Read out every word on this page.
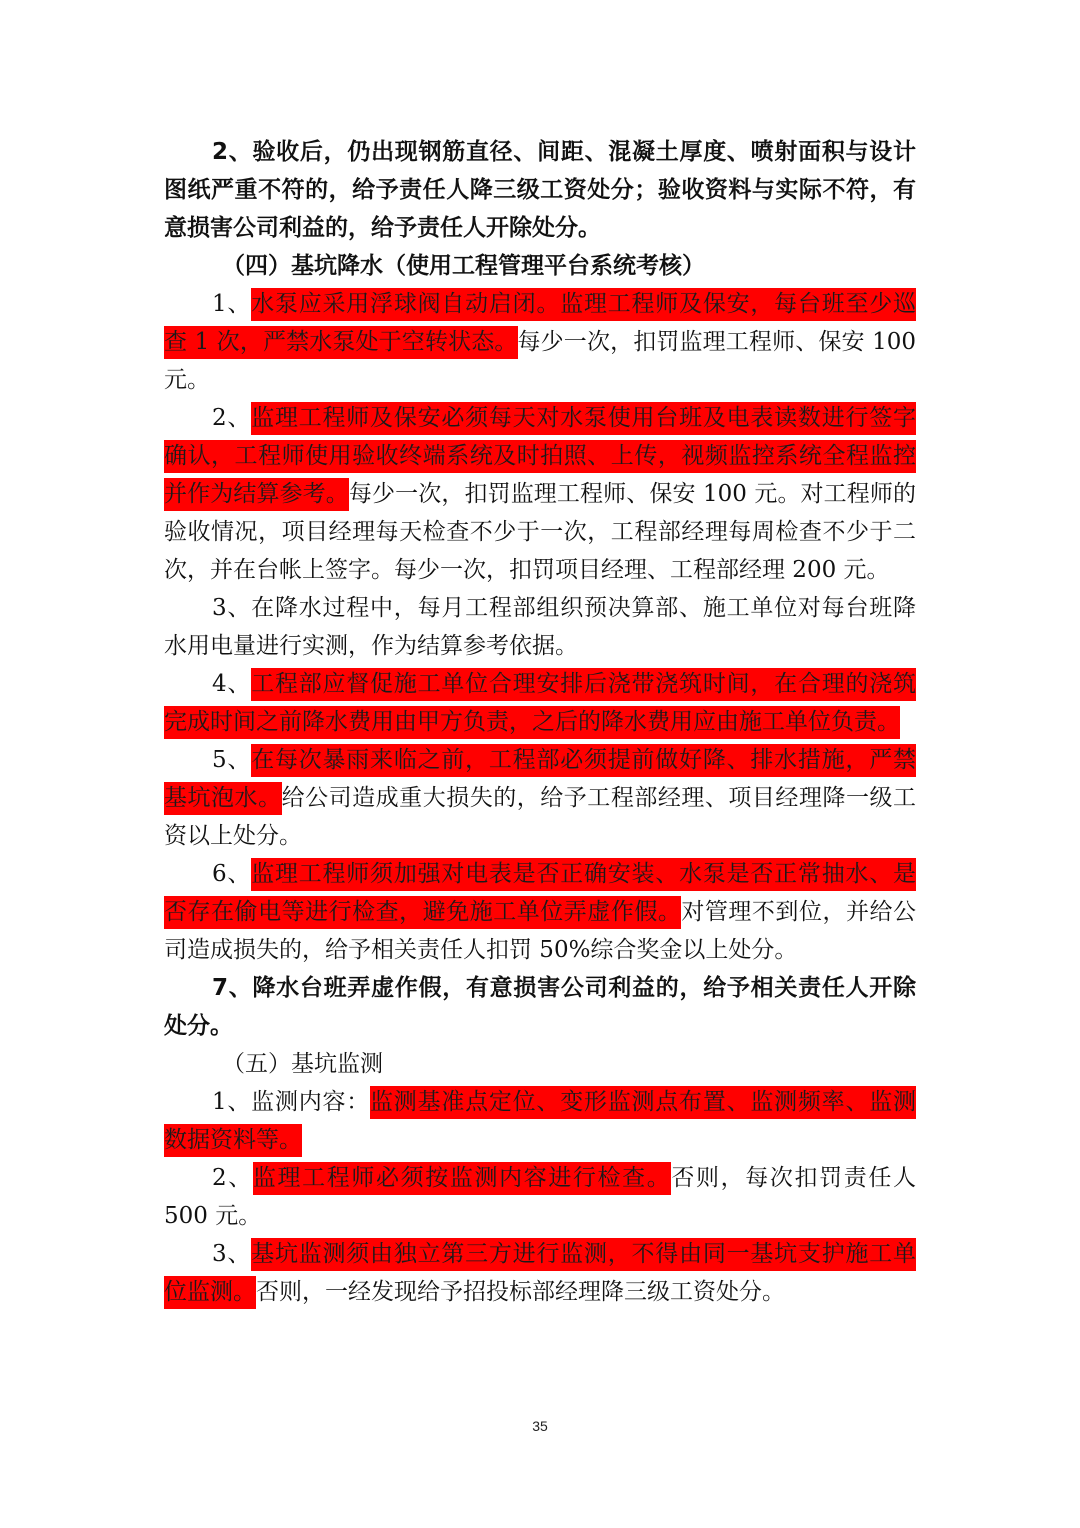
2、验收后，仍出现钢筋直径、间距、混凝土厚度、喷射面积与设计图纸严重不符的，给予责任人降三级工资处分；验收资料与实际不符，有意损害公司利益的，给予责任人开除处分。

（四）基坑降水（使用工程管理平台系统考核）

1、水泵应采用浮球阀自动启闭。监理工程师及保安，每台班至少巡查 1 次，严禁水泵处于空转状态。每少一次，扣罚监理工程师、保安 100 元。

2、监理工程师及保安必须每天对水泵使用台班及电表读数进行签字确认，工程师使用验收终端系统及时拍照、上传，视频监控系统全程监控并作为结算参考。每少一次，扣罚监理工程师、保安 100 元。对工程师的验收情况，项目经理每天检查不少于一次，工程部经理每周检查不少于二次，并在台帐上签字。每少一次，扣罚项目经理、工程部经理 200 元。

3、在降水过程中，每月工程部组织预决算部、施工单位对每台班降水用电量进行实测，作为结算参考依据。

4、工程部应督促施工单位合理安排后浇带浇筑时间，在合理的浇筑完成时间之前降水费用由甲方负责，之后的降水费用应由施工单位负责。

5、在每次暴雨来临之前，工程部必须提前做好降、排水措施，严禁基坑泡水。给公司造成重大损失的，给予工程部经理、项目经理降一级工资以上处分。

6、监理工程师须加强对电表是否正确安装、水泵是否正常抽水、是否存在偷电等进行检查，避免施工单位弄虚作假。对管理不到位，并给公司造成损失的，给予相关责任人扣罚 50%综合奖金以上处分。

7、降水台班弄虚作假，有意损害公司利益的，给予相关责任人开除处分。

（五）基坑监测

1、监测内容：监测基准点定位、变形监测点布置、监测频率、监测数据资料等。

2、监理工程师必须按监测内容进行检查。否则，每次扣罚责任人 500 元。

3、基坑监测须由独立第三方进行监测，不得由同一基坑支护施工单位监测。否则，一经发现给予招投标部经理降三级工资处分。

35
